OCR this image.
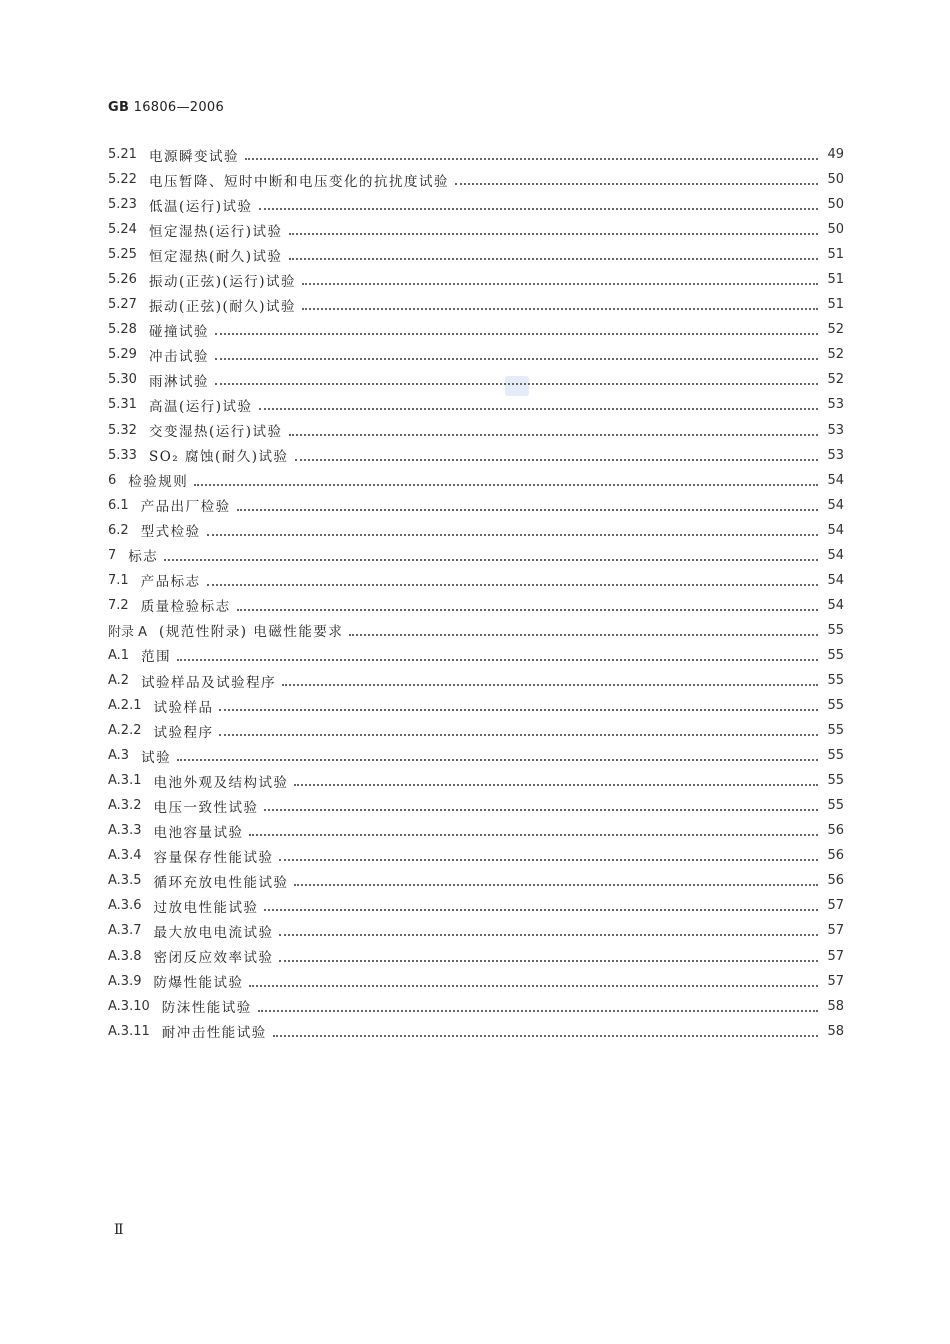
GB 16806—2006
5.21 电源瞬变试验	49
5.22 电压暂降、短时中断和电压变化的抗扰度试验	50
5.23 低温(运行)试验	50
5.24 恒定湿热(运行)试验	50
5.25 恒定湿热(耐久)试验	51
5.26 振动(正弦)(运行)试验	51
5.27 振动(正弦)(耐久)试验	51
5.28 碰撞试验	52
5.29 冲击试验	52
5.30 雨淋试验	52
5.31 高温(运行)试验	53
5.32 交变湿热(运行)试验	53
5.33 SO₂ 腐蚀(耐久)试验	53
6 检验规则	54
6.1 产品出厂检验	54
6.2 型式检验	54
7 标志	54
7.1 产品标志	54
7.2 质量检验标志	54
附录 A (规范性附录) 电磁性能要求	55
A.1 范围	55
A.2 试验样品及试验程序	55
A.2.1 试验样品	55
A.2.2 试验程序	55
A.3 试验	55
A.3.1 电池外观及结构试验	55
A.3.2 电压一致性试验	55
A.3.3 电池容量试验	56
A.3.4 容量保存性能试验	56
A.3.5 循环充放电性能试验	56
A.3.6 过放电性能试验	57
A.3.7 最大放电电流试验	57
A.3.8 密闭反应效率试验	57
A.3.9 防爆性能试验	57
A.3.10 防沫性能试验	58
A.3.11 耐冲击性能试验	58
Ⅱ
